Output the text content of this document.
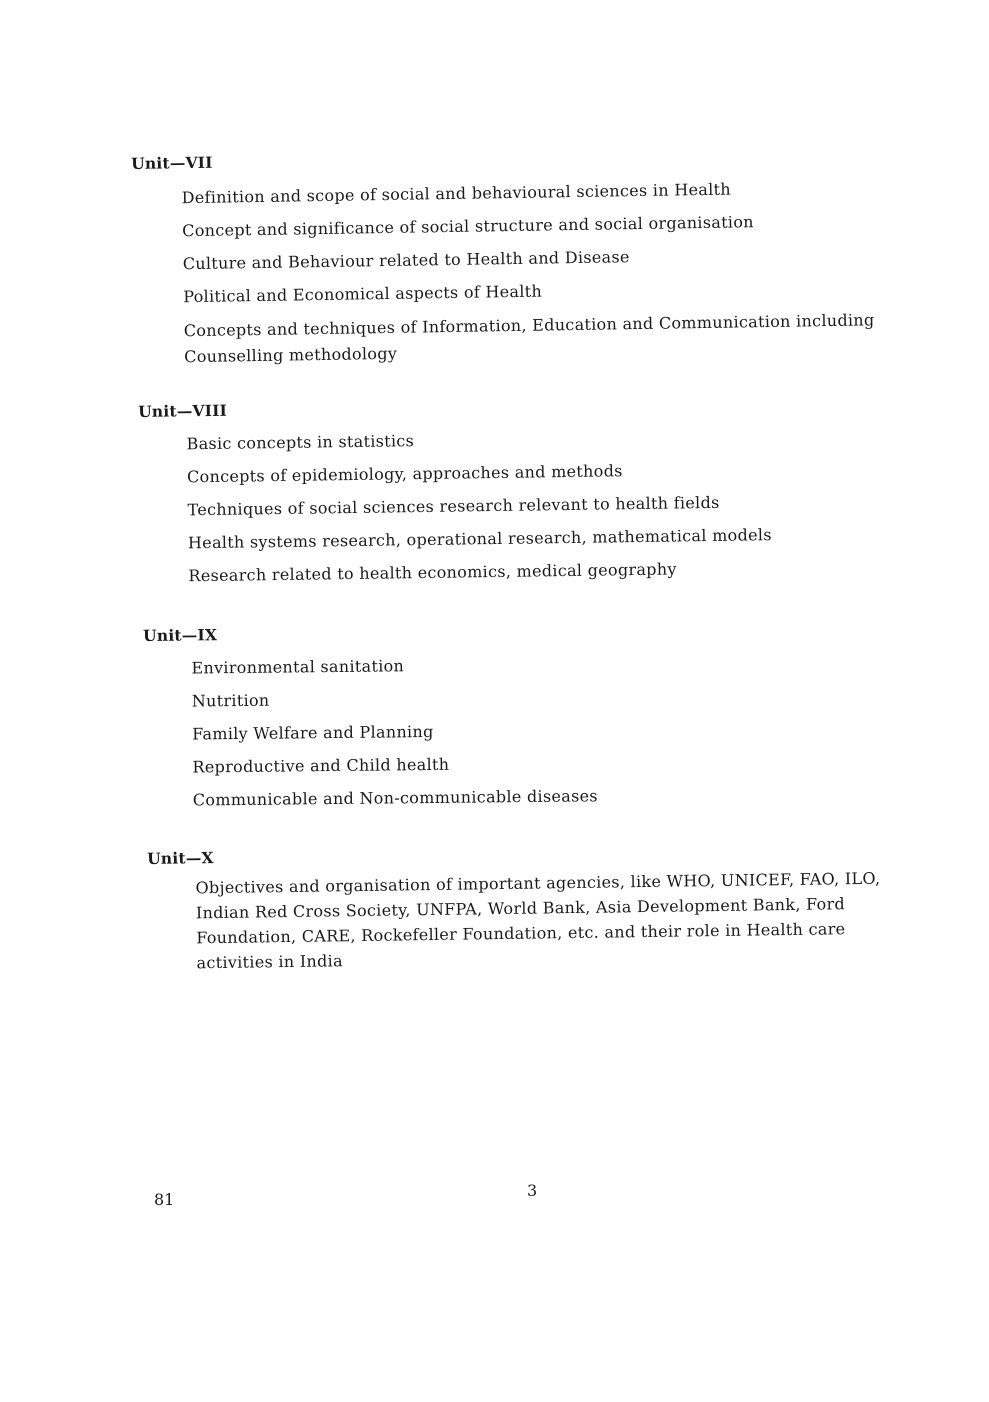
Unit—VII
Definition and scope of social and behavioural sciences in Health
Concept and significance of social structure and social organisation
Culture and Behaviour related to Health and Disease
Political and Economical aspects of Health
Concepts and techniques of Information, Education and Communication including Counselling methodology
Unit—VIII
Basic concepts in statistics
Concepts of epidemiology, approaches and methods
Techniques of social sciences research relevant to health fields
Health systems research, operational research, mathematical models
Research related to health economics, medical geography
Unit—IX
Environmental sanitation
Nutrition
Family Welfare and Planning
Reproductive and Child health
Communicable and Non-communicable diseases
Unit—X

Objectives and organisation of important agencies, like WHO, UNICEF, FAO, ILO, Indian Red Cross Society, UNFPA, World Bank, Asia Development Bank, Ford Foundation, CARE, Rockefeller Foundation, etc. and their role in Health care activities in India

81	3
